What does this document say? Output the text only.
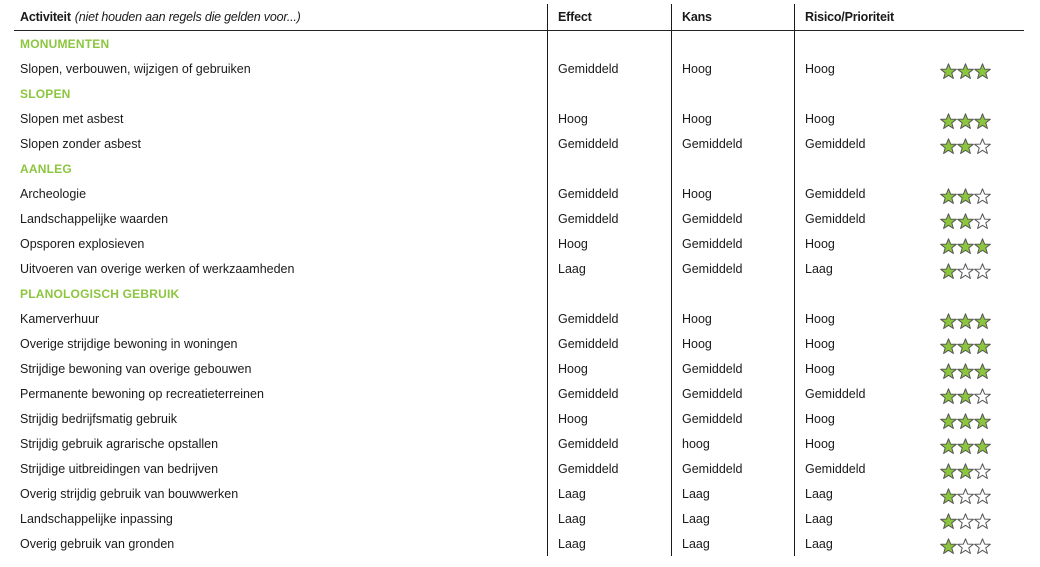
Activiteit (niet houden aan regels die gelden voor...)	Effect	Kans	Risico/Prioriteit
MONUMENTEN
Slopen, verbouwen, wijzigen of gebruiken	Gemiddeld	Hoog	Hoog
SLOPEN
Slopen met asbest	Hoog	Hoog	Hoog
Slopen zonder asbest	Gemiddeld	Gemiddeld	Gemiddeld
AANLEG
Archeologie	Gemiddeld	Hoog	Gemiddeld
Landschappelijke waarden	Gemiddeld	Gemiddeld	Gemiddeld
Opsporen explosieven	Hoog	Gemiddeld	Hoog
Uitvoeren van overige werken of werkzaamheden	Laag	Gemiddeld	Laag
PLANOLOGISCH GEBRUIK
Kamerverhuur	Gemiddeld	Hoog	Hoog
Overige strijdige bewoning in woningen	Gemiddeld	Hoog	Hoog
Strijdige bewoning van overige gebouwen	Hoog	Gemiddeld	Hoog
Permanente bewoning op recreatieterreinen	Gemiddeld	Gemiddeld	Gemiddeld
Strijdig bedrijfsmatig gebruik	Hoog	Gemiddeld	Hoog
Strijdig gebruik agrarische opstallen	Gemiddeld	hoog	Hoog
Strijdige uitbreidingen van bedrijven	Gemiddeld	Gemiddeld	Gemiddeld
Overig strijdig gebruik van bouwwerken	Laag	Laag	Laag
Landschappelijke inpassing	Laag	Laag	Laag
Overig gebruik van gronden	Laag	Laag	Laag
